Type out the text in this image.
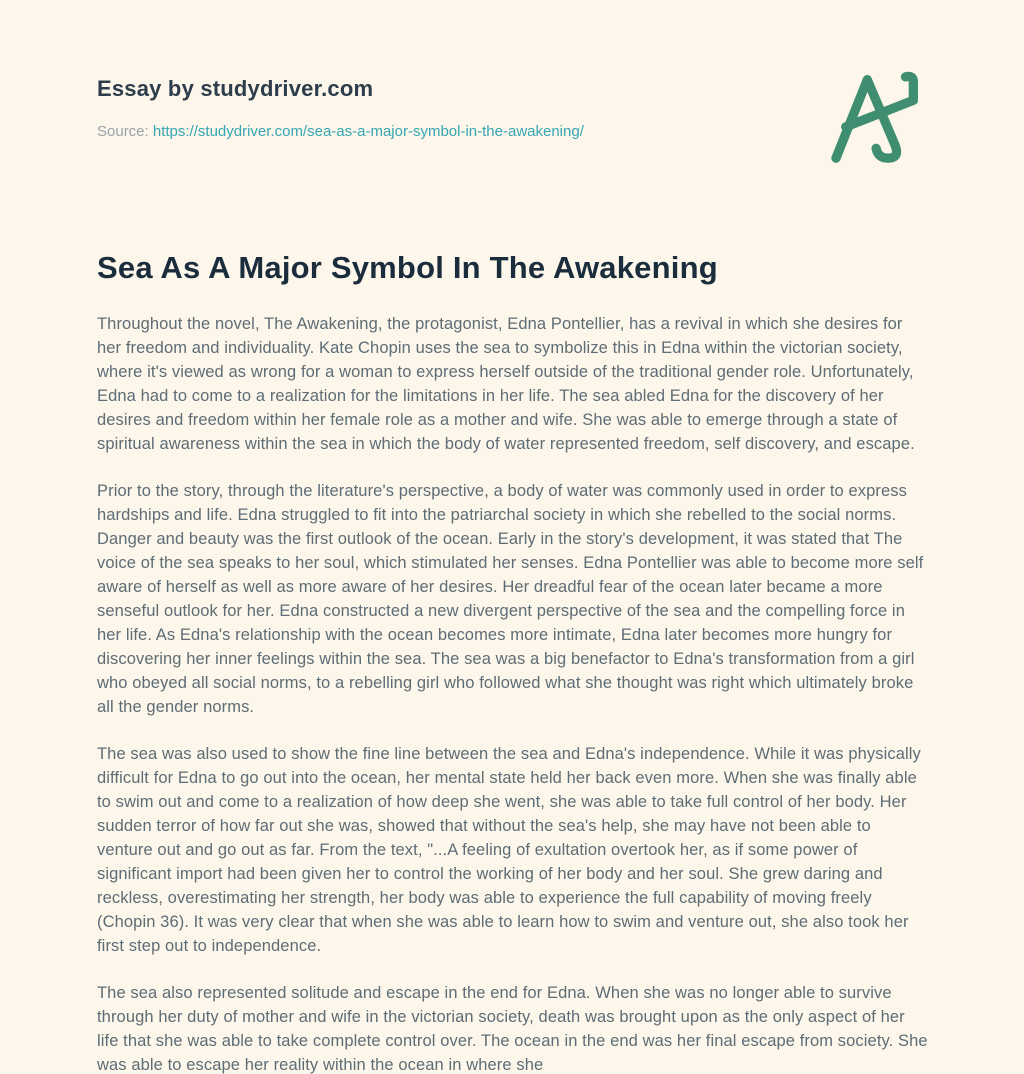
Essay by studydriver.com
Source: https://studydriver.com/sea-as-a-major-symbol-in-the-awakening/
Sea As A Major Symbol In The Awakening

Throughout the novel, The Awakening, the protagonist, Edna Pontellier, has a revival in which she desires for her freedom and individuality. Kate Chopin uses the sea to symbolize this in Edna within the victorian society, where it's viewed as wrong for a woman to express herself outside of the traditional gender role. Unfortunately, Edna had to come to a realization for the limitations in her life. The sea abled Edna for the discovery of her desires and freedom within her female role as a mother and wife. She was able to emerge through a state of spiritual awareness within the sea in which the body of water represented freedom, self discovery, and escape.

Prior to the story, through the literature's perspective, a body of water was commonly used in order to express hardships and life. Edna struggled to fit into the patriarchal society in which she rebelled to the social norms. Danger and beauty was the first outlook of the ocean. Early in the story's development, it was stated that The voice of the sea speaks to her soul, which stimulated her senses. Edna Pontellier was able to become more self aware of herself as well as more aware of her desires. Her dreadful fear of the ocean later became a more senseful outlook for her. Edna constructed a new divergent perspective of the sea and the compelling force in her life. As Edna's relationship with the ocean becomes more intimate, Edna later becomes more hungry for discovering her inner feelings within the sea. The sea was a big benefactor to Edna's transformation from a girl who obeyed all social norms, to a rebelling girl who followed what she thought was right which ultimately broke all the gender norms.

The sea was also used to show the fine line between the sea and Edna's independence. While it was physically difficult for Edna to go out into the ocean, her mental state held her back even more. When she was finally able to swim out and come to a realization of how deep she went, she was able to take full control of her body. Her sudden terror of how far out she was, showed that without the sea's help, she may have not been able to venture out and go out as far. From the text, "...A feeling of exultation overtook her, as if some power of significant import had been given her to control the working of her body and her soul. She grew daring and reckless, overestimating her strength, her body was able to experience the full capability of moving freely (Chopin 36). It was very clear that when she was able to learn how to swim and venture out, she also took her first step out to independence.

The sea also represented solitude and escape in the end for Edna. When she was no longer able to survive through her duty of mother and wife in the victorian society, death was brought upon as the only aspect of her life that she was able to take complete control over. The ocean in the end was her final escape from society. She was able to escape her reality within the ocean in where she
